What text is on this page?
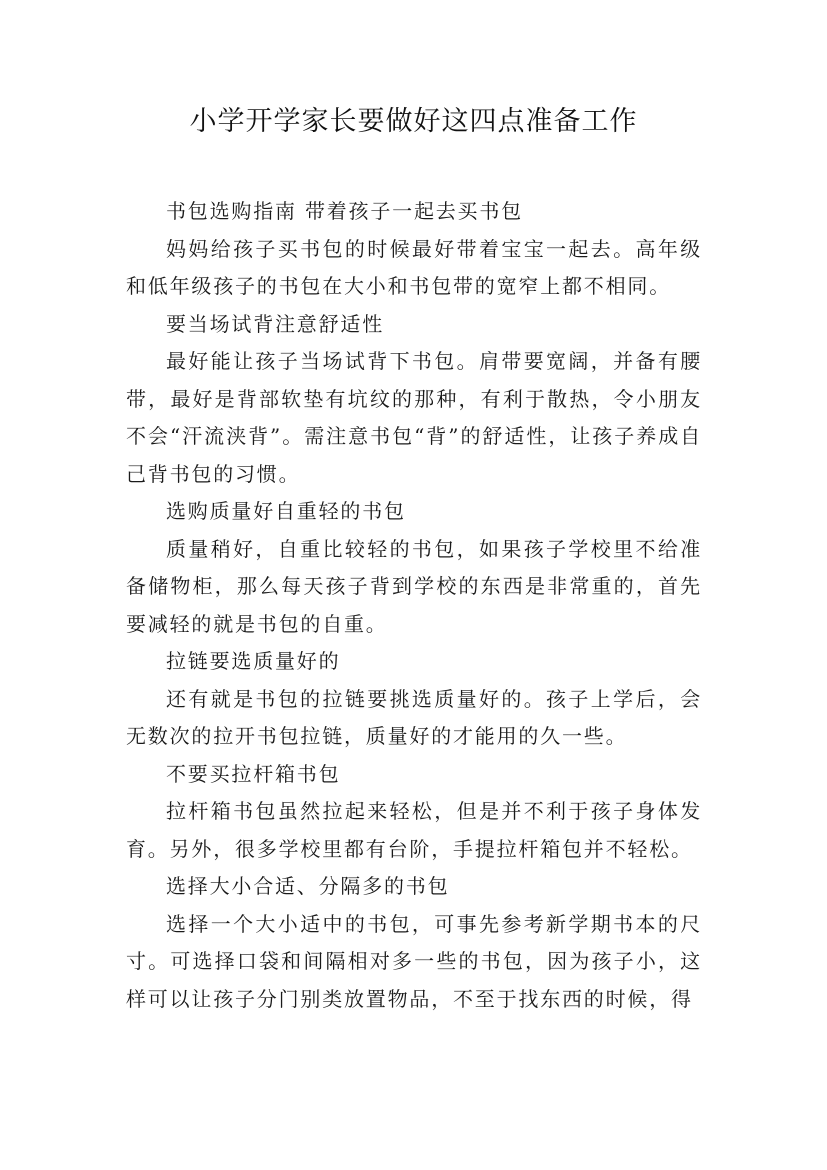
小学开学家长要做好这四点准备工作

书包选购指南 带着孩子一起去买书包

妈妈给孩子买书包的时候最好带着宝宝一起去。高年级和低年级孩子的书包在大小和书包带的宽窄上都不相同。

要当场试背注意舒适性

最好能让孩子当场试背下书包。肩带要宽阔，并备有腰带，最好是背部软垫有坑纹的那种，有利于散热，令小朋友不会“汗流浃背”。需注意书包“背”的舒适性，让孩子养成自己背书包的习惯。

选购质量好自重轻的书包

质量稍好，自重比较轻的书包，如果孩子学校里不给准备储物柜，那么每天孩子背到学校的东西是非常重的，首先要减轻的就是书包的自重。

拉链要选质量好的

还有就是书包的拉链要挑选质量好的。孩子上学后，会无数次的拉开书包拉链，质量好的才能用的久一些。

不要买拉杆箱书包

拉杆箱书包虽然拉起来轻松，但是并不利于孩子身体发育。另外，很多学校里都有台阶，手提拉杆箱包并不轻松。

选择大小合适、分隔多的书包

选择一个大小适中的书包，可事先参考新学期书本的尺寸。可选择口袋和间隔相对多一些的书包，因为孩子小，这样可以让孩子分门别类放置物品，不至于找东西的时候，得
